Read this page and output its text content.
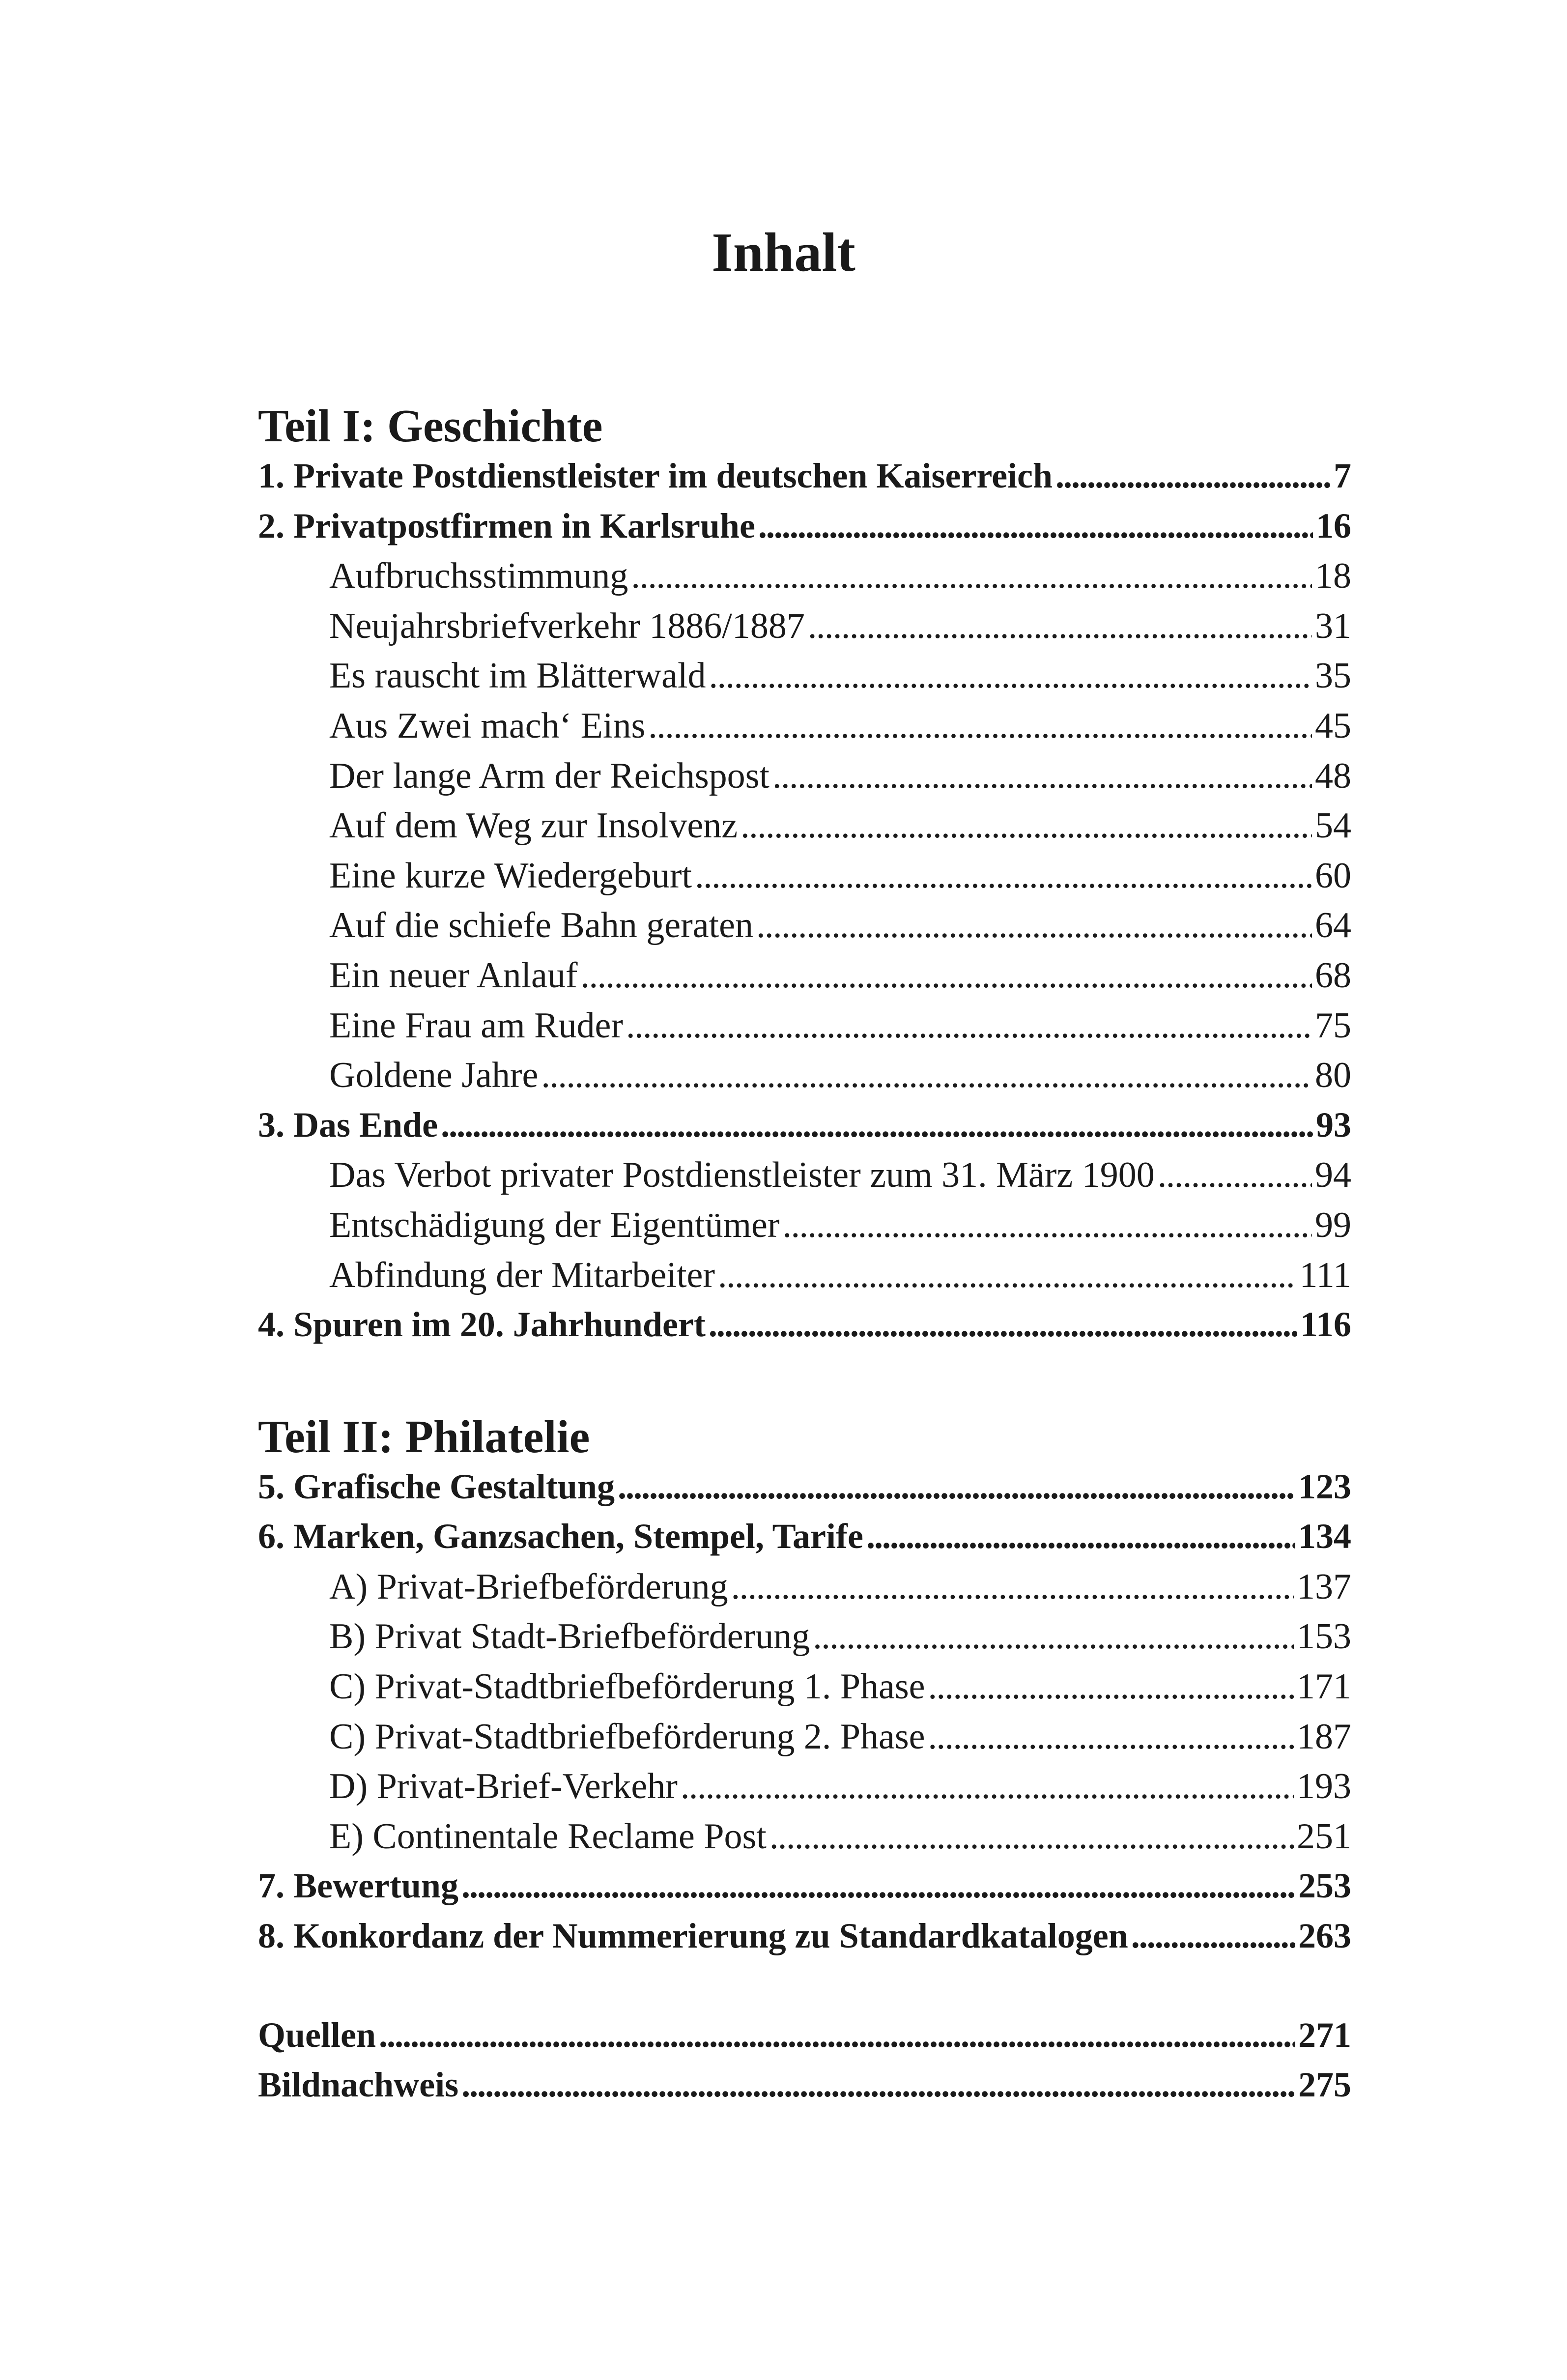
Inhalt
Teil I: Geschichte
1. Private Postdienstleister im deutschen Kaiserreich . . .	7
2. Privatpostfirmen in Karlsruhe . . .	16
Aufbruchsstimmung . . .	18
Neujahrsbriefverkehr 1886/1887 . . .	31
Es rauscht im Blätterwald . . .	35
Aus Zwei mach‘ Eins . . .	45
Der lange Arm der Reichspost . . .	48
Auf dem Weg zur Insolvenz . . .	54
Eine kurze Wiedergeburt . . .	60
Auf die schiefe Bahn geraten . . .	64
Ein neuer Anlauf . . .	68
Eine Frau am Ruder . . .	75
Goldene Jahre . . .	80
3. Das Ende . . .	93
Das Verbot privater Postdienstleister zum 31. März 1900 . . .	94
Entschädigung der Eigentümer . . .	99
Abfindung der Mitarbeiter . . .	111
4. Spuren im 20. Jahrhundert . . .	116
Teil II: Philatelie
5. Grafische Gestaltung . . .	123
6. Marken, Ganzsachen, Stempel, Tarife . . .	134
A) Privat-Briefbeförderung . . .	137
B) Privat Stadt-Briefbeförderung . . .	153
C) Privat-Stadtbriefbeförderung 1. Phase . . .	171
C) Privat-Stadtbriefbeförderung 2. Phase . . .	187
D) Privat-Brief-Verkehr . . .	193
E) Continentale Reclame Post . . .	251
7. Bewertung . . .	253
8. Konkordanz der Nummerierung zu Standardkatalogen . . .	263
Quellen . . .	271
Bildnachweis . . .	275
